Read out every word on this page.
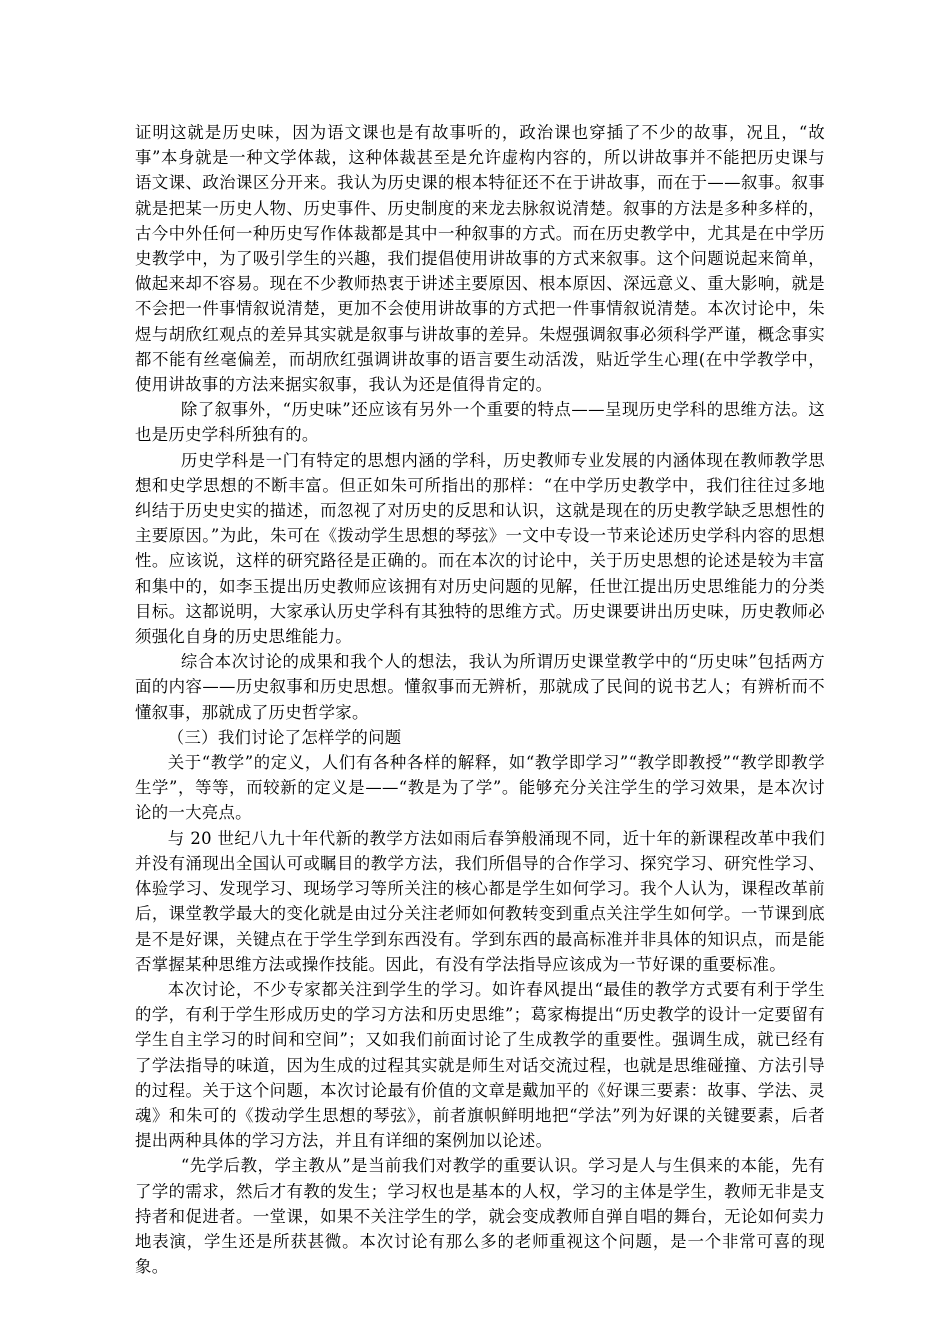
证明这就是历史味，因为语文课也是有故事听的，政治课也穿插了不少的故事，况且，“故事”本身就是一种文学体裁，这种体裁甚至是允许虚构内容的，所以讲故事并不能把历史课与语文课、政治课区分开来。我认为历史课的根本特征还不在于讲故事，而在于——叙事。叙事就是把某一历史人物、历史事件、历史制度的来龙去脉叙说清楚。叙事的方法是多种多样的，古今中外任何一种历史写作体裁都是其中一种叙事的方式。而在历史教学中，尤其是在中学历史教学中，为了吸引学生的兴趣，我们提倡使用讲故事的方式来叙事。这个问题说起来简单，做起来却不容易。现在不少教师热衷于讲述主要原因、根本原因、深远意义、重大影响，就是不会把一件事情叙说清楚，更加不会使用讲故事的方式把一件事情叙说清楚。本次讨论中，朱煜与胡欣红观点的差异其实就是叙事与讲故事的差异。朱煜强调叙事必须科学严谨，概念事实都不能有丝毫偏差，而胡欣红强调讲故事的语言要生动活泼，贴近学生心理(在中学教学中，使用讲故事的方法来据实叙事，我认为还是值得肯定的。

除了叙事外，“历史味”还应该有另外一个重要的特点——呈现历史学科的思维方法。这也是历史学科所独有的。

历史学科是一门有特定的思想内涵的学科，历史教师专业发展的内涵体现在教师教学思想和史学思想的不断丰富。但正如朱可所指出的那样：“在中学历史教学中，我们往往过多地纠结于历史史实的描述，而忽视了对历史的反思和认识，这就是现在的历史教学缺乏思想性的主要原因。”为此，朱可在《拨动学生思想的琴弦》一文中专设一节来论述历史学科内容的思想性。应该说，这样的研究路径是正确的。而在本次的讨论中，关于历史思想的论述是较为丰富和集中的，如李玉提出历史教师应该拥有对历史问题的见解，任世江提出历史思维能力的分类目标。这都说明，大家承认历史学科有其独特的思维方式。历史课要讲出历史味，历史教师必须强化自身的历史思维能力。

综合本次讨论的成果和我个人的想法，我认为所谓历史课堂教学中的“历史味”包括两方面的内容——历史叙事和历史思想。懂叙事而无辨析，那就成了民间的说书艺人；有辨析而不懂叙事，那就成了历史哲学家。

（三）我们讨论了怎样学的问题

关于“教学”的定义，人们有各种各样的解释，如“教学即学习”“教学即教授”“教学即教学生学”，等等，而较新的定义是——“教是为了学”。能够充分关注学生的学习效果，是本次讨论的一大亮点。

与 20 世纪八九十年代新的教学方法如雨后春笋般涌现不同，近十年的新课程改革中我们并没有涌现出全国认可或瞩目的教学方法，我们所倡导的合作学习、探究学习、研究性学习、体验学习、发现学习、现场学习等所关注的核心都是学生如何学习。我个人认为，课程改革前后，课堂教学最大的变化就是由过分关注老师如何教转变到重点关注学生如何学。一节课到底是不是好课，关键点在于学生学到东西没有。学到东西的最高标准并非具体的知识点，而是能否掌握某种思维方法或操作技能。因此，有没有学法指导应该成为一节好课的重要标准。

本次讨论，不少专家都关注到学生的学习。如许春风提出“最佳的教学方式要有利于学生的学，有利于学生形成历史的学习方法和历史思维”；葛家梅提出“历史教学的设计一定要留有学生自主学习的时间和空间”；又如我们前面讨论了生成教学的重要性。强调生成，就已经有了学法指导的味道，因为生成的过程其实就是师生对话交流过程，也就是思维碰撞、方法引导的过程。关于这个问题，本次讨论最有价值的文章是戴加平的《好课三要素：故事、学法、灵魂》和朱可的《拨动学生思想的琴弦》，前者旗帜鲜明地把“学法”列为好课的关键要素，后者提出两种具体的学习方法，并且有详细的案例加以论述。

“先学后教，学主教从”是当前我们对教学的重要认识。学习是人与生俱来的本能，先有了学的需求，然后才有教的发生；学习权也是基本的人权，学习的主体是学生，教师无非是支持者和促进者。一堂课，如果不关注学生的学，就会变成教师自弹自唱的舞台，无论如何卖力地表演，学生还是所获甚微。本次讨论有那么多的老师重视这个问题，是一个非常可喜的现象。
